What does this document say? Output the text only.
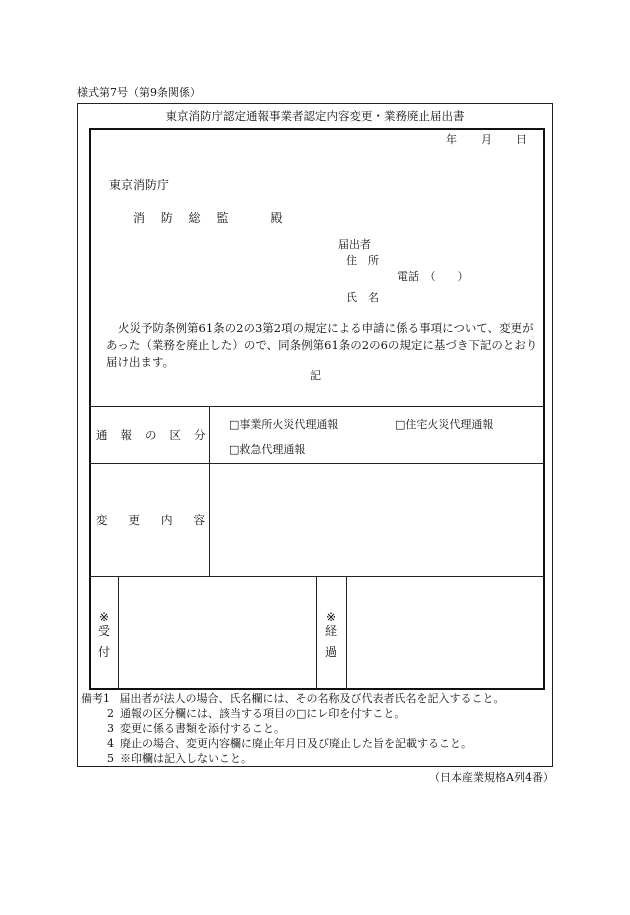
様式第7号（第9条関係）
東京消防庁認定通報事業者認定内容変更・業務廃止届出書
年 月 日
東京消防庁
消 防 総 監　　殿
届出者
住　所
電話　（　　）
氏　名
火災予防条例第61条の2の3第2項の規定による申請に係る事項について、変更があった（業務を廃止した）ので、同条例第61条の2の6の規定に基づき下記のとおり届け出ます。
記
通報の区分
□事業所火災代理通報	□住宅火災代理通報
□救急代理通報
変更内容
※
受
付
※
経
過
備考1 届出者が法人の場合、氏名欄には、その名称及び代表者氏名を記入すること。
2 通報の区分欄には、該当する項目の□にレ印を付すこと。
3 変更に係る書類を添付すること。
4 廃止の場合、変更内容欄に廃止年月日及び廃止した旨を記載すること。
5 ※印欄は記入しないこと。
（日本産業規格A列4番）
